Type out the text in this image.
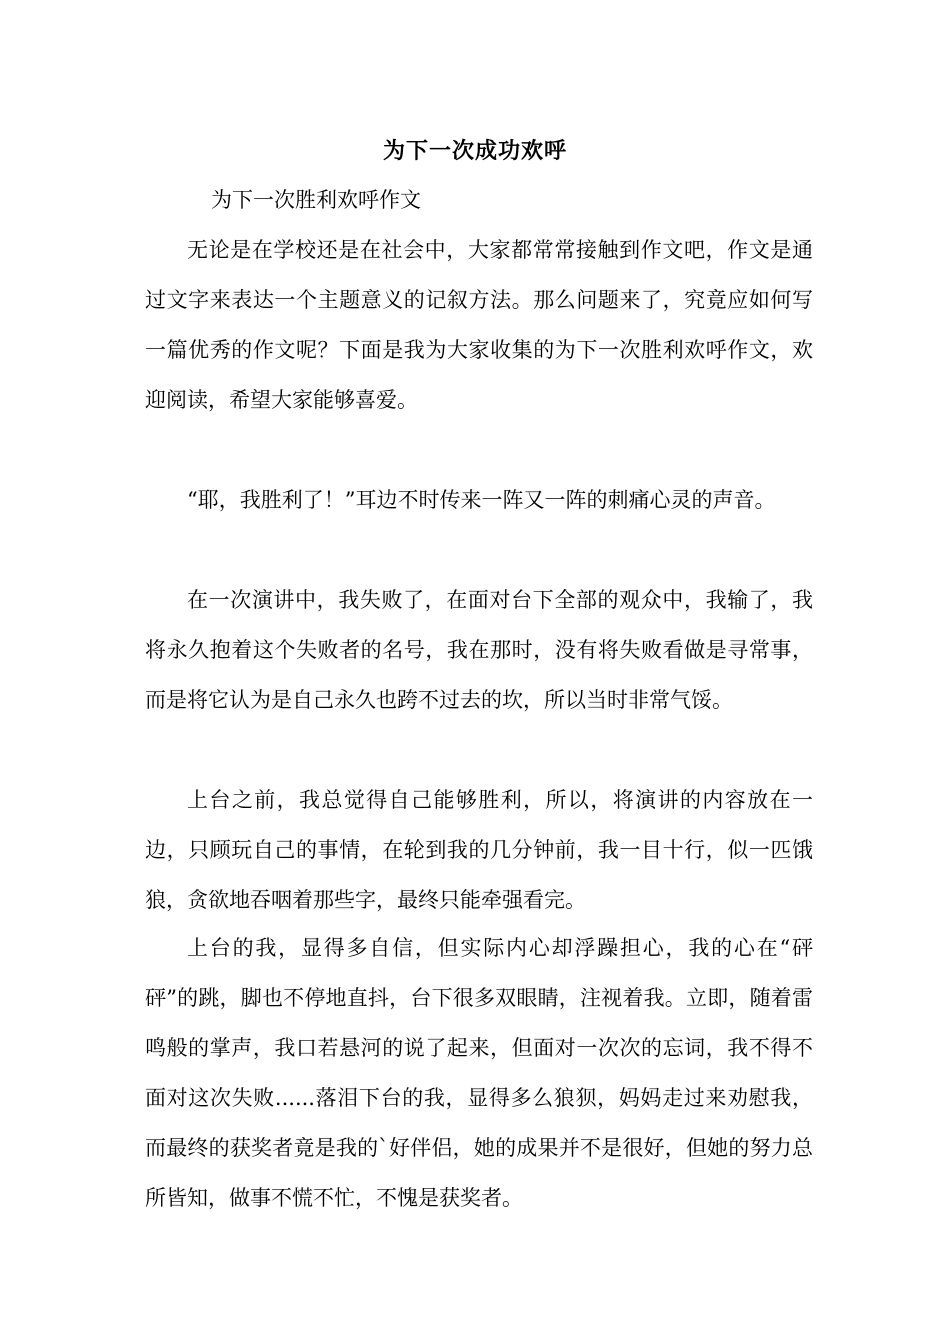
为下一次成功欢呼
为下一次胜利欢呼作文
无论是在学校还是在社会中，大家都常常接触到作文吧，作文是通过文字来表达一个主题意义的记叙方法。那么问题来了，究竟应如何写一篇优秀的作文呢？下面是我为大家收集的为下一次胜利欢呼作文，欢迎阅读，希望大家能够喜爱。
“耶，我胜利了！”耳边不时传来一阵又一阵的刺痛心灵的声音。
在一次演讲中，我失败了，在面对台下全部的观众中，我输了，我将永久抱着这个失败者的名号，我在那时，没有将失败看做是寻常事，而是将它认为是自己永久也跨不过去的坎，所以当时非常气馁。
上台之前，我总觉得自己能够胜利，所以，将演讲的内容放在一边，只顾玩自己的事情，在轮到我的几分钟前，我一目十行，似一匹饿狼，贪欲地吞咽着那些字，最终只能牵强看完。
上台的我，显得多自信，但实际内心却浮躁担心，我的心在“砰砰”的跳，脚也不停地直抖，台下很多双眼睛，注视着我。立即，随着雷鸣般的掌声，我口若悬河的说了起来，但面对一次次的忘词，我不得不面对这次失败......落泪下台的我，显得多么狼狈，妈妈走过来劝慰我，而最终的获奖者竟是我的`好伴侣，她的成果并不是很好，但她的努力总所皆知，做事不慌不忙，不愧是获奖者。
